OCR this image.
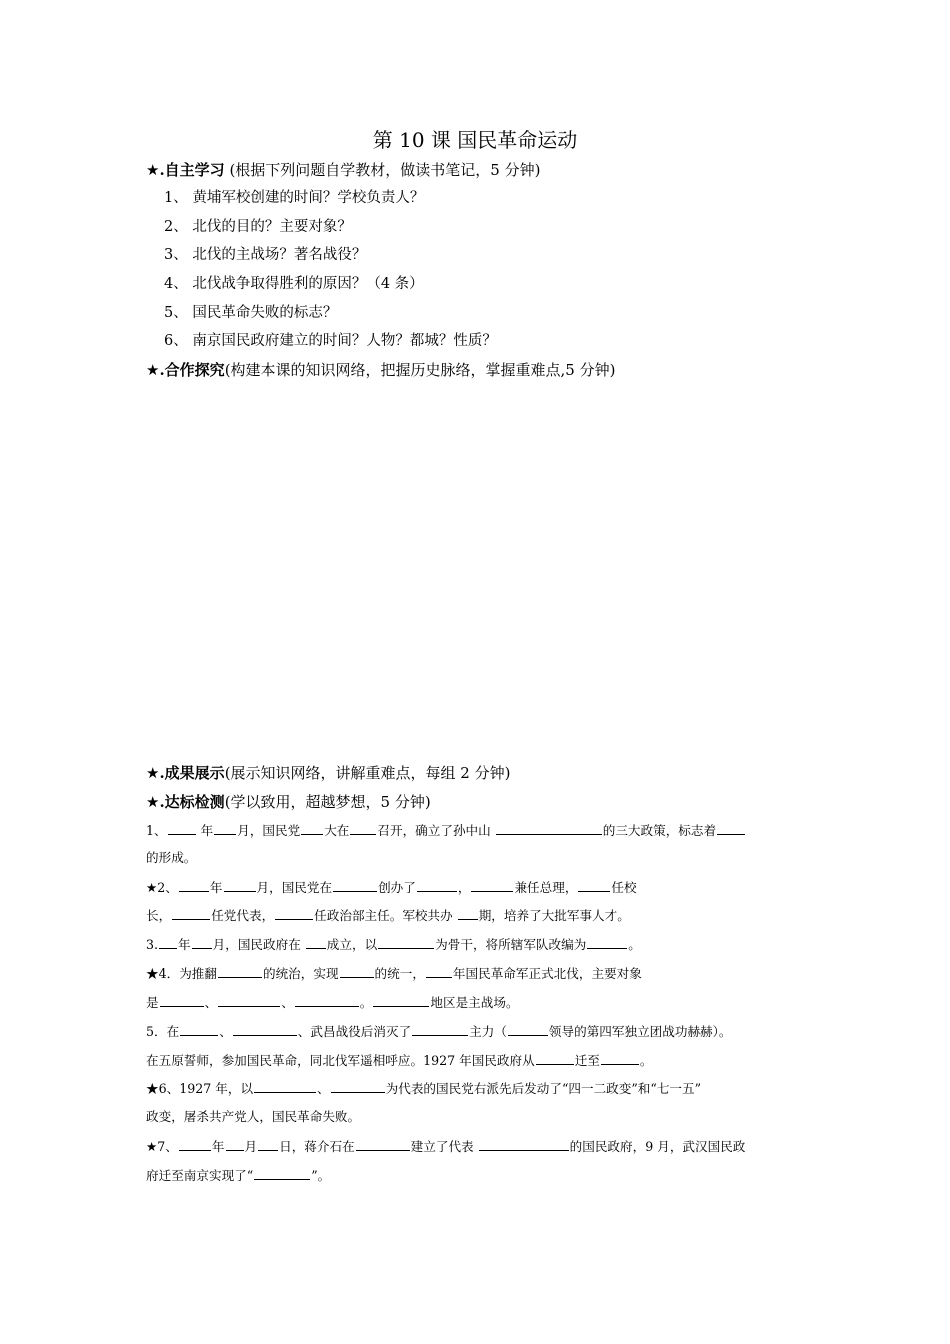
第 10 课 国民革命运动
★.自主学习 (根据下列问题自学教材，做读书笔记，5 分钟)
1、 黄埔军校创建的时间？学校负责人？
2、 北伐的目的？主要对象？
3、 北伐的主战场？著名战役？
4、 北伐战争取得胜利的原因？（4 条）
5、 国民革命失败的标志？
6、 南京国民政府建立的时间？人物？都城？性质？
★.合作探究(构建本课的知识网络，把握历史脉络，掌握重难点,5 分钟)
★.成果展示(展示知识网络，讲解重难点，每组 2 分钟)
★.达标检测(学以致用，超越梦想，5 分钟)
1、 年 月，国民党 大在 召开，确立了孙中山	的三大政策，标志着
的形成。
★2、	年	月，国民党在	创办了	，	兼任总理，	任校
长，	任党代表，	任政治部主任。军校共办 期，培养了大批军事人才。
3. 年 月，国民政府在 成立，以	为骨干，将所辖军队改编为	。
★4．为推翻	的统治，实现	的统一， 年国民革命军正式北伐，主要对象
是	、	、	。	地区是主战场。
5．在	、	、武昌战役后消灭了	主力（	领导的第四军独立团战功赫赫）。
在五原誓师，参加国民革命，同北伐军遥相呼应。1927 年国民政府从	迁至	。
★6、1927 年，以	、	为代表的国民党右派先后发动了“四一二政变”和“七一五”
政变，屠杀共产党人，国民革命失败。
★7、	年 月 日，蒋介石在	建立了代表	的国民政府，9 月，武汉国民政
府迁至南京实现了“	”。
